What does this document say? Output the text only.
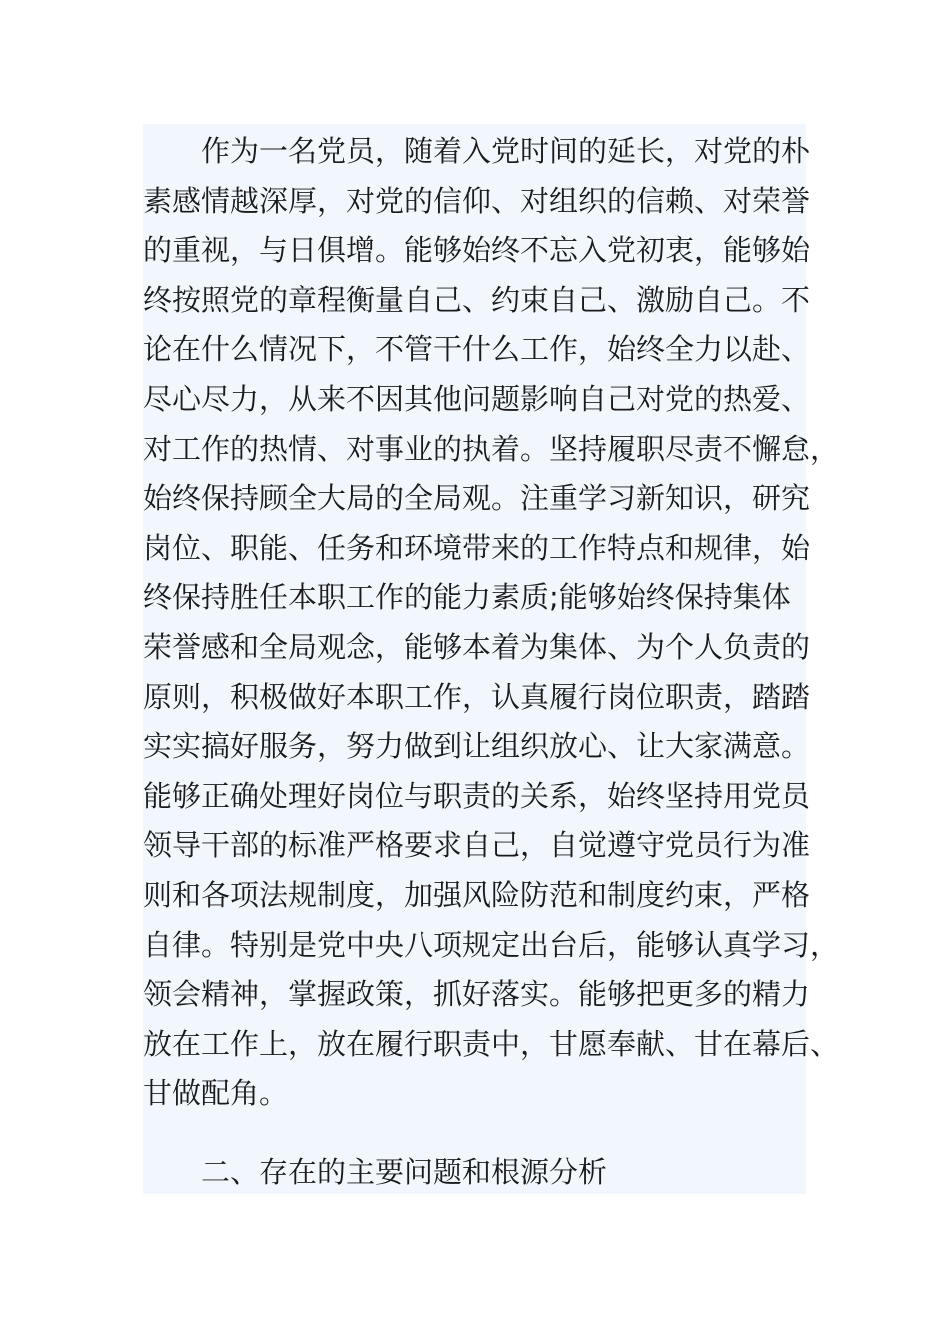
作为一名党员，随着入党时间的延长，对党的朴
素感情越深厚，对党的信仰、对组织的信赖、对荣誉
的重视，与日俱增。能够始终不忘入党初衷，能够始
终按照党的章程衡量自己、约束自己、激励自己。不
论在什么情况下，不管干什么工作，始终全力以赴、
尽心尽力，从来不因其他问题影响自己对党的热爱、
对工作的热情、对事业的执着。坚持履职尽责不懈怠，
始终保持顾全大局的全局观。注重学习新知识，研究
岗位、职能、任务和环境带来的工作特点和规律，始
终保持胜任本职工作的能力素质;能够始终保持集体
荣誉感和全局观念，能够本着为集体、为个人负责的
原则，积极做好本职工作，认真履行岗位职责，踏踏
实实搞好服务，努力做到让组织放心、让大家满意。
能够正确处理好岗位与职责的关系，始终坚持用党员
领导干部的标准严格要求自己，自觉遵守党员行为准
则和各项法规制度，加强风险防范和制度约束，严格
自律。特别是党中央八项规定出台后，能够认真学习，
领会精神，掌握政策，抓好落实。能够把更多的精力
放在工作上，放在履行职责中，甘愿奉献、甘在幕后、
甘做配角。
二、存在的主要问题和根源分析
